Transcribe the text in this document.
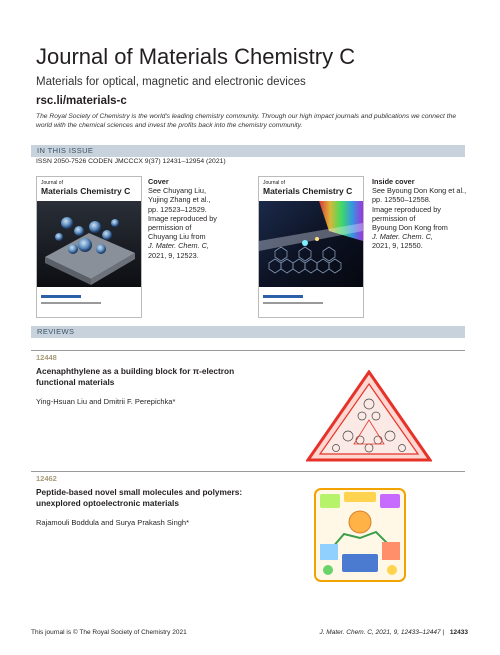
Journal of Materials Chemistry C
Materials for optical, magnetic and electronic devices
rsc.li/materials-c
The Royal Society of Chemistry is the world's leading chemistry community. Through our high impact journals and publications we connect the world with the chemical sciences and invest the profits back into the chemistry community.
IN THIS ISSUE
ISSN 2050-7526 CODEN JMCCCX 9(37) 12431–12954 (2021)
Journal of
Materials Chemistry C
Cover
See Chuyang Liu,
Yujing Zhang et al.,
pp. 12523–12529.
Image reproduced by
permission of
Chuyang Liu from
J. Mater. Chem. C,
2021, 9, 12523.
Journal of
Materials Chemistry C
Inside cover
See Byoung Don Kong et al.,
pp. 12550–12558.
Image reproduced by
permission of
Byoung Don Kong from
J. Mater. Chem. C,
2021, 9, 12550.
REVIEWS
12448
Acenaphthylene as a building block for π-electron
functional materials
Ying-Hsuan Liu and Dmitrii F. Perepichka*
12462
Peptide-based novel small molecules and polymers:
unexplored optoelectronic materials
Rajamouli Boddula and Surya Prakash Singh*
This journal is © The Royal Society of Chemistry 2021	J. Mater. Chem. C, 2021, 9, 12433–12447 | 12433
